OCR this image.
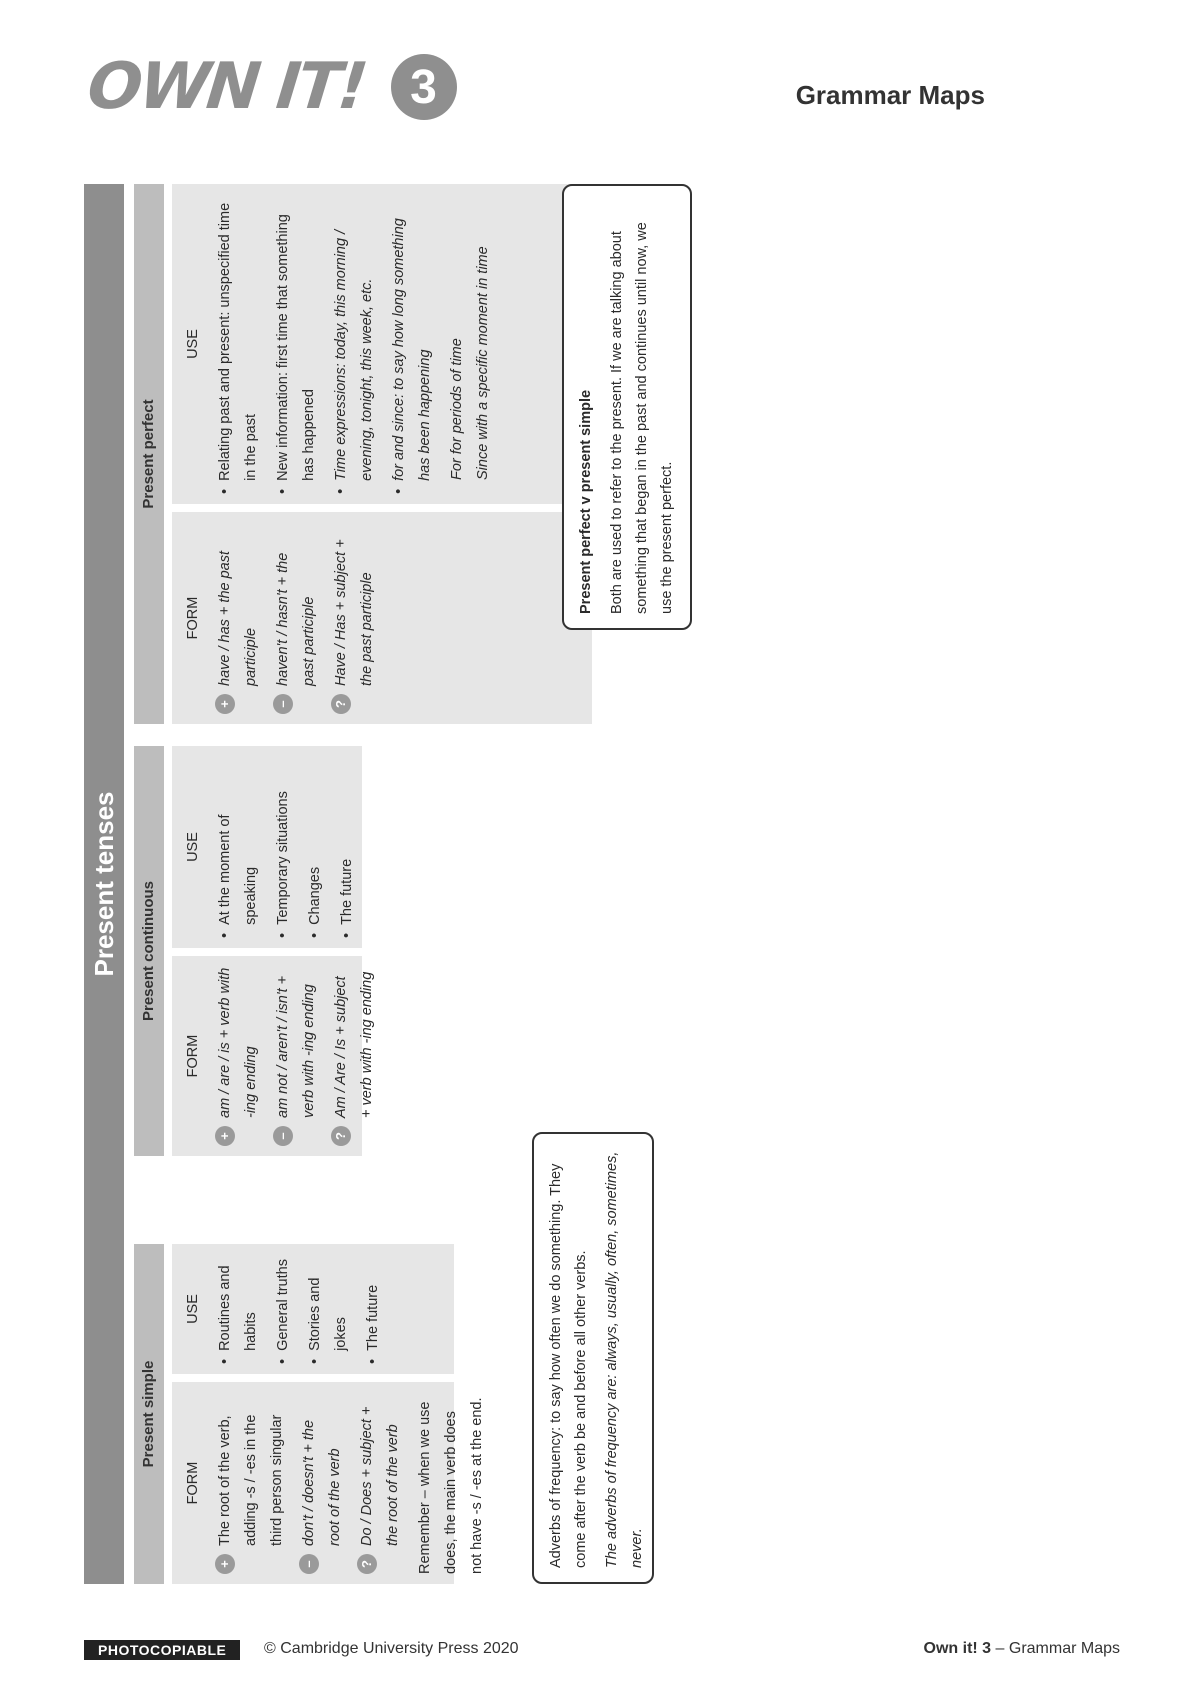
OWN IT! 3	Grammar Maps
Present tenses
Present simple
FORM
+
The root of the verb, adding -s / -es in the third person singular
–
don't / doesn't + the root of the verb
?
Do / Does + subject + the root of the verb	Remember – when we use does, the main verb does not have -s / -es at the end.
USE	• Routines and habits	• General truths	• Stories and jokes	• The future
Present continuous
FORM
+
am / are / is + verb with -ing ending
–
am not / aren't / isn't + verb with -ing ending
?
Am / Are / Is + subject + verb with -ing ending
USE	• At the moment of speaking	• Temporary situations	• Changes	• The future
Present perfect
FORM
+
have / has + the past participle
–
haven't / hasn't + the past participle
?
Have / Has + subject + the past participle
USE	• Relating past and present: unspecified time in the past	• New information: first time that something has happened	• Time expressions: today, this morning / evening, tonight, this week, etc.	• for and since: to say how long something has been happening	For for periods of time Since with a specific moment in time

Adverbs of frequency: to say how often we do something. They come after the verb be and before all other verbs.	The adverbs of frequency are: always, usually, often, sometimes, never.

Present perfect v present simple	Both are used to refer to the present. If we are talking about something that began in the past and continues until now, we use the present perfect.

PHOTOCOPIABLE	© Cambridge University Press 2020	Own it! 3 – Grammar Maps
